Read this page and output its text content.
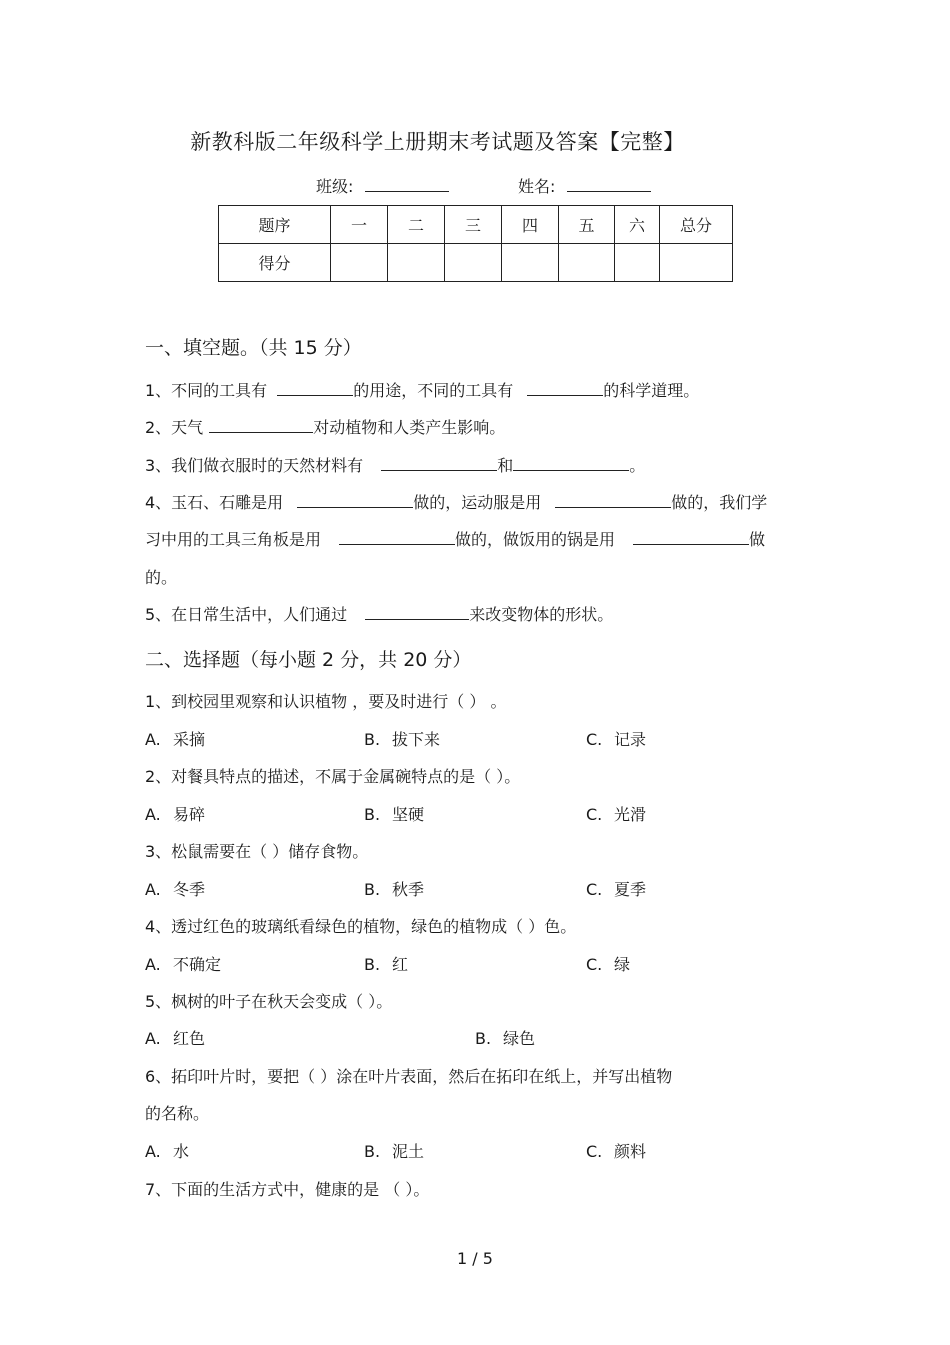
新教科版二年级科学上册期末考试题及答案【完整】
班级:	姓名:
题序	一	二	三	四	五	六	总分
得分							
一、填空题。（共 15 分）
1、不同的工具有	的用途，不同的工具有	的科学道理。
2、天气	对动植物和人类产生影响。
3、我们做衣服时的天然材料有	和	。
4、玉石、石雕是用	做的，运动服是用	做的，我们学
习中用的工具三角板是用	做的，做饭用的锅是用	做
的。
5、在日常生活中，人们通过	来改变物体的形状。
二、选择题（每小题 2 分，共 20 分）
1、到校园里观察和认识植物 ，要及时进行（ ） 。
A. 采摘	B. 拔下来	C. 记录
2、对餐具特点的描述，不属于金属碗特点的是（ ）。
A. 易碎	B. 坚硬	C. 光滑
3、松鼠需要在（ ）储存食物。
A. 冬季	B. 秋季	C. 夏季
4、透过红色的玻璃纸看绿色的植物，绿色的植物成（ ）色。
A. 不确定	B. 红	C. 绿
5、枫树的叶子在秋天会变成（ ）。
A. 红色	B. 绿色
6、拓印叶片时，要把（ ）涂在叶片表面，然后在拓印在纸上，并写出植物
的名称。
A. 水	B. 泥土	C. 颜料
7、下面的生活方式中，健康的是 （ ）。
1 / 5
